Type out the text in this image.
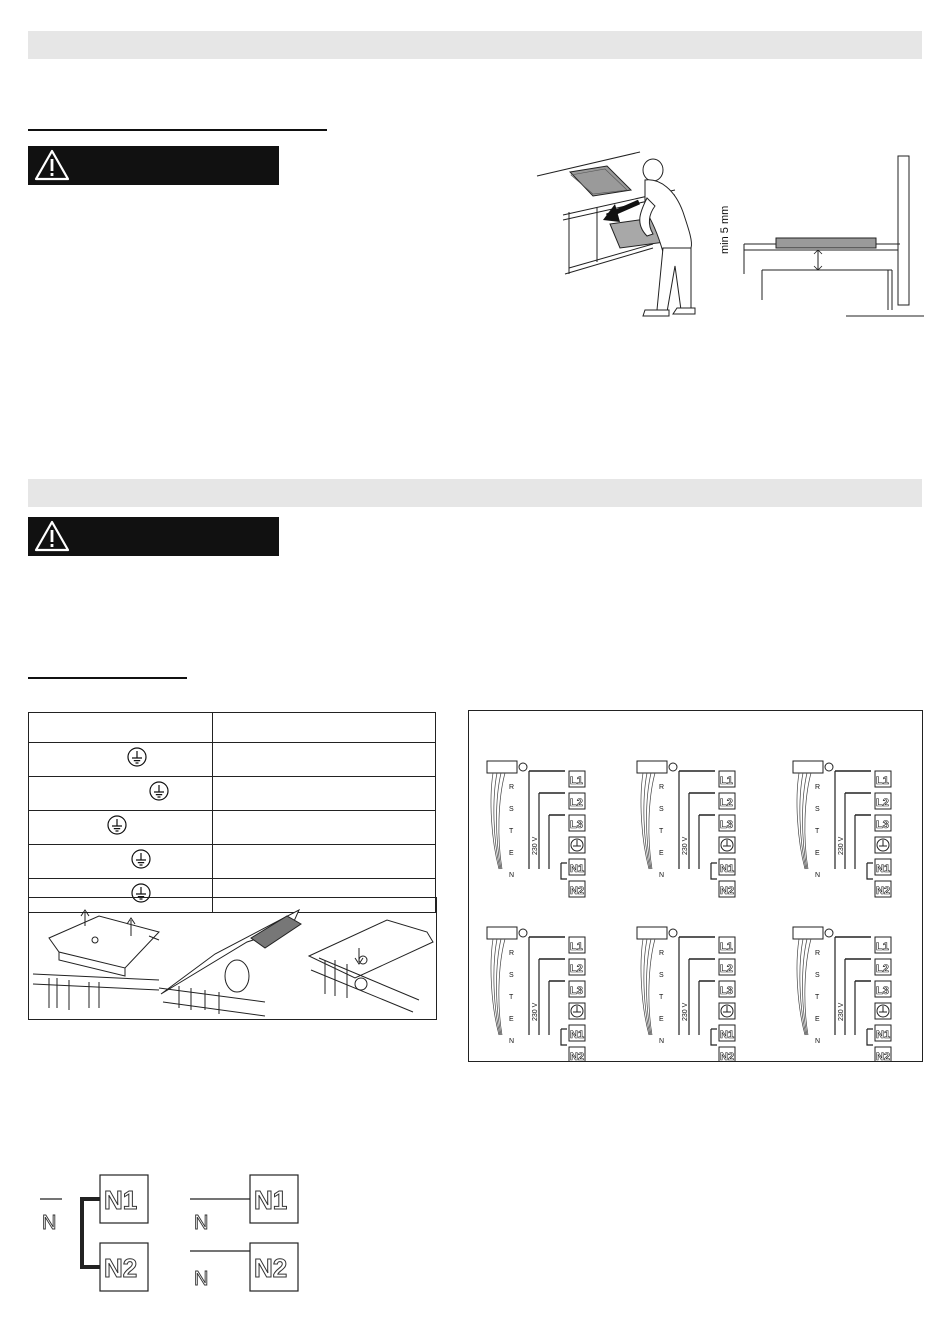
min 5 mm

L1
L2
L3
N1
N2
230 V
R
S
T
E
N
L1
L2
L3
N1
N2
230 V
R
S
T
E
N
L1
L2
L3
N1
N2
230 V
R
S
T
E
N
L1
L2
L3
N1
N2
230 V
R
S
T
E
N
L1
L2
L3
N1
N2
230 V
R
S
T
E
N
L1
L2
L3
N1
N2
230 V
R
S
T
E
N
N1
N2
N1
N2
N	N
N
